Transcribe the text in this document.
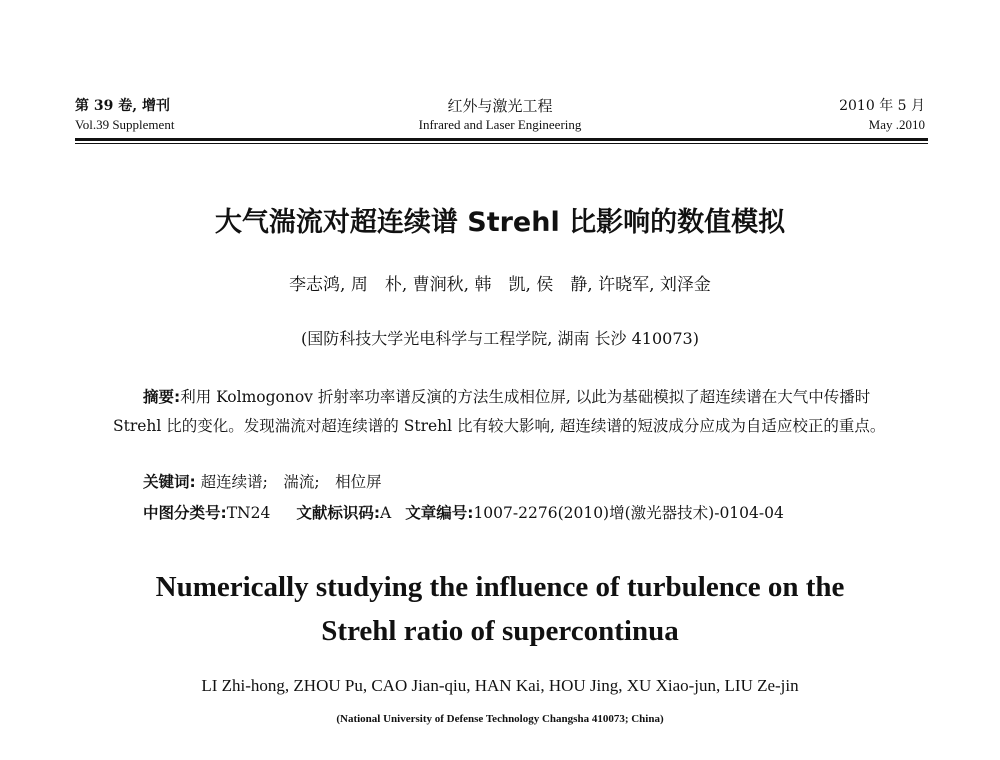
第 39 卷, 增刊
Vol.39 Supplement
红外与激光工程
Infrared and Laser Engineering
2010 年 5 月
May .2010
大气湍流对超连续谱 Strehl 比影响的数值模拟
李志鸿, 周　朴, 曹涧秋, 韩　凯, 侯　静, 许晓军, 刘泽金
(国防科技大学光电科学与工程学院, 湖南 长沙 410073)

摘要:利用 Kolmogonov 折射率功率谱反演的方法生成相位屏, 以此为基础模拟了超连续谱在大气中传播时 Strehl 比的变化。发现湍流对超连续谱的 Strehl 比有较大影响, 超连续谱的短波成分应成为自适应校正的重点。

关键词: 超连续谱;　湍流;　相位屏
中图分类号:TN24 文献标识码:A 文章编号:1007-2276(2010)增(激光器技术)-0104-04
Numerically studying the influence of turbulence on the Strehl ratio of supercontinua
LI Zhi-hong, ZHOU Pu, CAO Jian-qiu, HAN Kai, HOU Jing, XU Xiao-jun, LIU Ze-jin
(National University of Defense Technology Changsha 410073; China)
